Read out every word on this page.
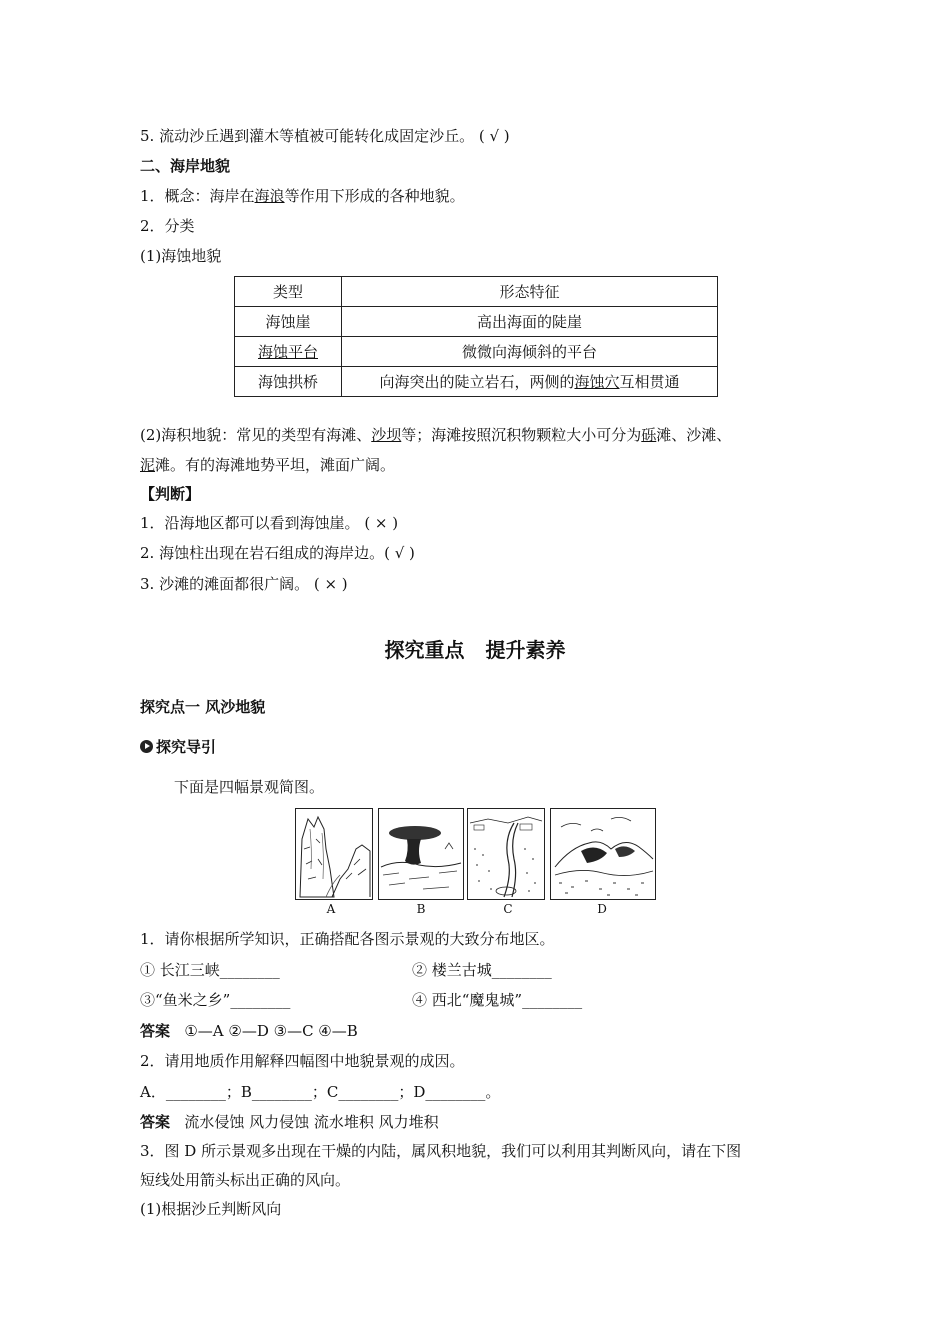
5. 流动沙丘遇到灌木等植被可能转化成固定沙丘。 ( √ )
二、海岸地貌
1．概念：海岸在海浪等作用下形成的各种地貌。
2．分类
(1)海蚀地貌
类型	形态特征
海蚀崖	高出海面的陡崖
海蚀平台	微微向海倾斜的平台
海蚀拱桥	向海突出的陡立岩石，两侧的海蚀穴互相贯通
(2)海积地貌：常见的类型有海滩、沙坝等；海滩按照沉积物颗粒大小可分为砾滩、沙滩、
泥滩。有的海滩地势平坦，滩面广阔。
【判断】
1．沿海地区都可以看到海蚀崖。 ( × )
2. 海蚀柱出现在岩石组成的海岸边。( √ )
3. 沙滩的滩面都很广阔。 ( × )
探究重点 提升素养
探究点一 风沙地貌
探究导引
下面是四幅景观简图。
A	B	C	D
1．请你根据所学知识，正确搭配各图示景观的大致分布地区。
① 长江三峡________	② 楼兰古城________
③“鱼米之乡”________	④ 西北“魔鬼城”________
答案 ①—A ②—D ③—C ④—B
2．请用地质作用解释四幅图中地貌景观的成因。
A．________；B________；C________；D________。
答案 流水侵蚀 风力侵蚀 流水堆积 风力堆积
3．图 D 所示景观多出现在干燥的内陆，属风积地貌，我们可以利用其判断风向，请在下图
短线处用箭头标出正确的风向。
(1)根据沙丘判断风向
